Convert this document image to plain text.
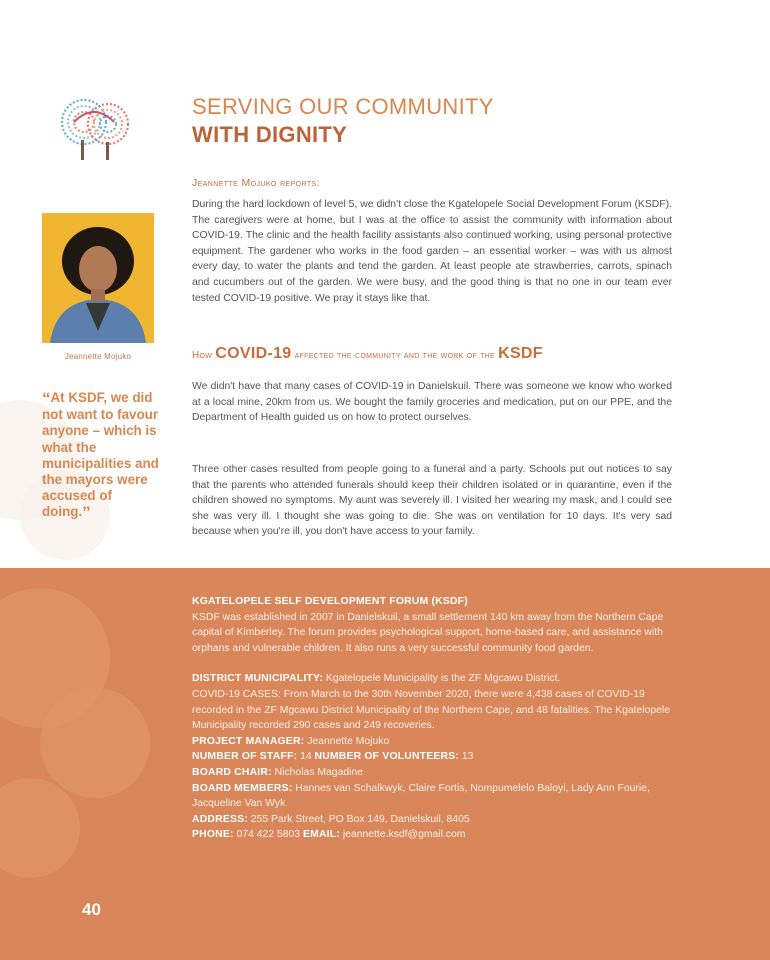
Jeannette Mojuko
“At KSDF, we did not want to favour anyone – which is what the municipalities and the mayors were accused of doing.”
SERVING OUR COMMUNITY
WITH DIGNITY
Jeannette Mojuko reports:

During the hard lockdown of level 5, we didn't close the Kgatelopele Social Development Forum (KSDF). The caregivers were at home, but I was at the office to assist the community with information about COVID-19. The clinic and the health facility assistants also continued working, using personal protective equipment. The gardener who works in the food garden – an essential worker – was with us almost every day, to water the plants and tend the garden. At least people ate strawberries, carrots, spinach and cucumbers out of the garden. We were busy, and the good thing is that no one in our team ever tested COVID-19 positive. We pray it stays like that.

How COVID-19 affected the community and the work of the KSDF

We didn't have that many cases of COVID-19 in Danielskuil. There was someone we know who worked at a local mine, 20km from us. We bought the family groceries and medication, put on our PPE, and the Department of Health guided us on how to protect ourselves.

Three other cases resulted from people going to a funeral and a party. Schools put out notices to say that the parents who attended funerals should keep their children isolated or in quarantine, even if the children showed no symptoms. My aunt was severely ill. I visited her wearing my mask, and I could see she was very ill. I thought she was going to die. She was on ventilation for 10 days. It's very sad because when you're ill, you don't have access to your family.

KGATELOPELE SELF DEVELOPMENT FORUM (KSDF)

KSDF was established in 2007 in Danielskuil, a small settlement 140 km away from the Northern Cape capital of Kimberley. The forum provides psychological support, home-based care, and assistance with orphans and vulnerable children. It also runs a very successful community food garden.

DISTRICT MUNICIPALITY: Kgatelopele Municipality is the ZF Mgcawu District.

COVID-19 CASES: From March to the 30th November 2020, there were 4,438 cases of COVID-19 recorded in the ZF Mgcawu District Municipality of the Northern Cape, and 48 fatalities. The Kgatelopele Municipality recorded 290 cases and 249 recoveries.

PROJECT MANAGER: Jeannette Mojuko

NUMBER OF STAFF: 14 NUMBER OF VOLUNTEERS: 13

BOARD CHAIR: Nicholas Magadine

BOARD MEMBERS: Hannes van Schalkwyk, Claire Fortis, Nompumelelo Baloyi, Lady Ann Fourie, Jacqueline Van Wyk

ADDRESS: 255 Park Street, PO Box 149, Danielskuil, 8405

PHONE: 074 422 5803 EMAIL: jeannette.ksdf@gmail.com

40
